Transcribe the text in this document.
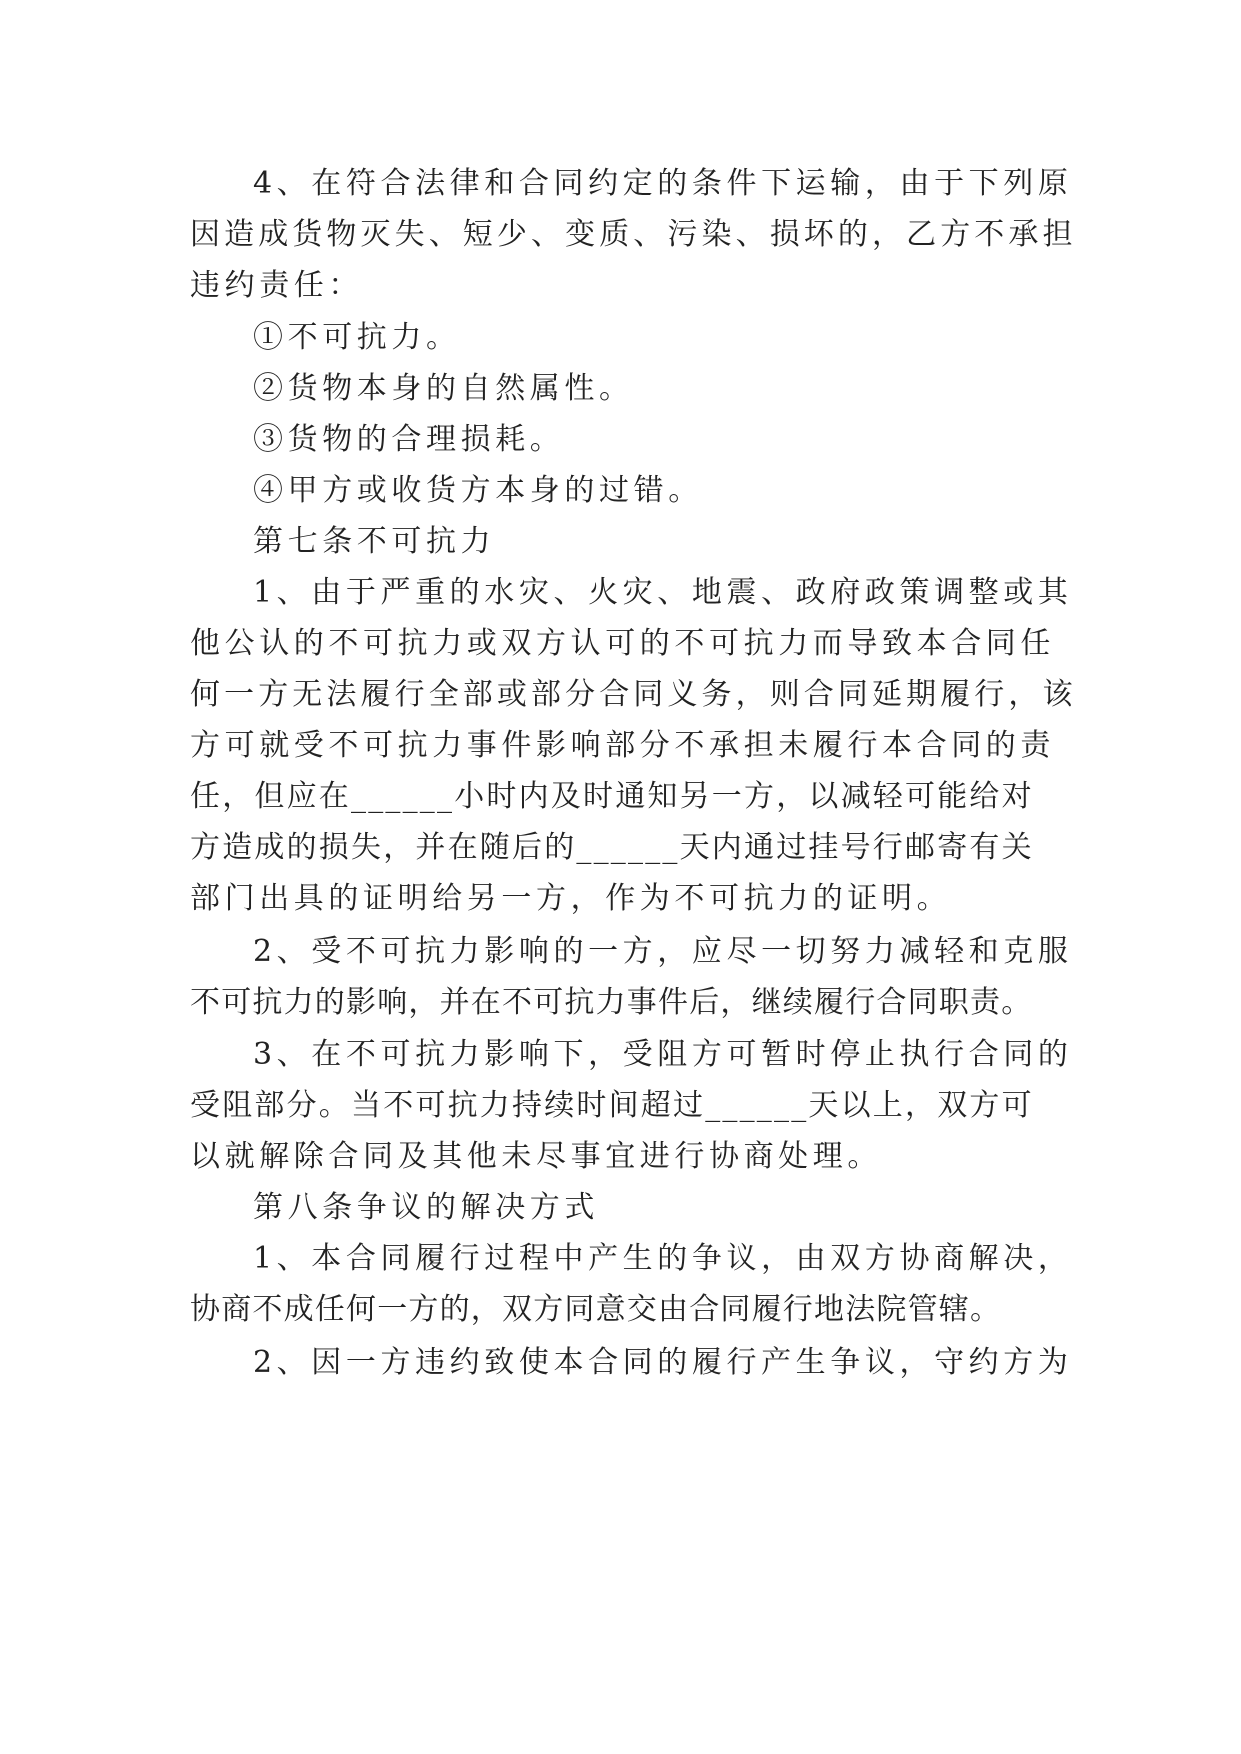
4、在符合法律和合同约定的条件下运输，由于下列原
因造成货物灭失、短少、变质、污染、损坏的，乙方不承担
违约责任：
①不可抗力。
②货物本身的自然属性。
③货物的合理损耗。
④甲方或收货方本身的过错。
第七条不可抗力
1、由于严重的水灾、火灾、地震、政府政策调整或其
他公认的不可抗力或双方认可的不可抗力而导致本合同任
何一方无法履行全部或部分合同义务，则合同延期履行，该
方可就受不可抗力事件影响部分不承担未履行本合同的责
任，但应在______小时内及时通知另一方，以减轻可能给对
方造成的损失，并在随后的______天内通过挂号行邮寄有关
部门出具的证明给另一方，作为不可抗力的证明。
2、受不可抗力影响的一方，应尽一切努力减轻和克服
不可抗力的影响，并在不可抗力事件后，继续履行合同职责。
3、在不可抗力影响下，受阻方可暂时停止执行合同的
受阻部分。当不可抗力持续时间超过______天以上，双方可
以就解除合同及其他未尽事宜进行协商处理。
第八条争议的解决方式
1、本合同履行过程中产生的争议，由双方协商解决，
协商不成任何一方的，双方同意交由合同履行地法院管辖。
2、因一方违约致使本合同的履行产生争议，守约方为
